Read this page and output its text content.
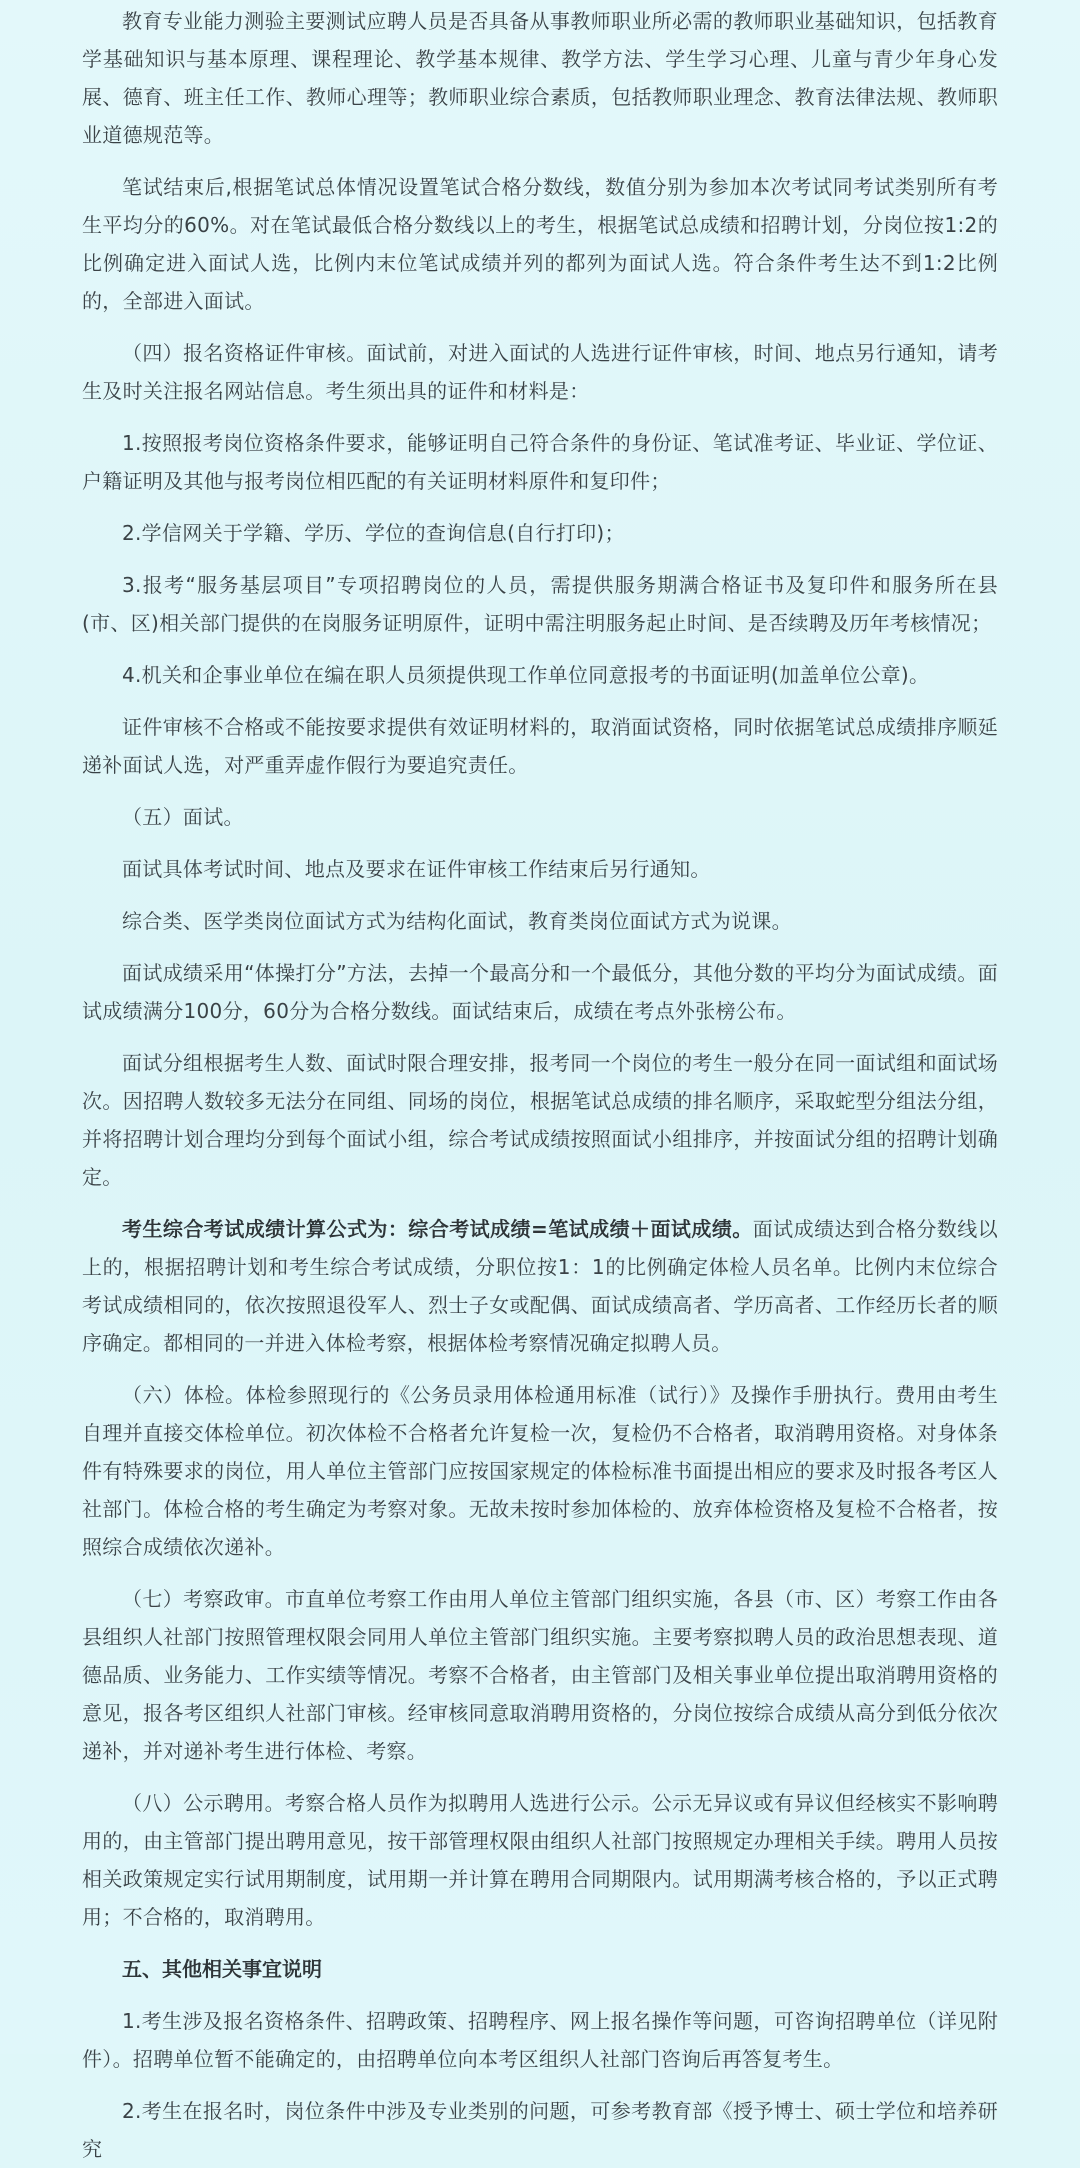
教育专业能力测验主要测试应聘人员是否具备从事教师职业所必需的教师职业基础知识，包括教育学基础知识与基本原理、课程理论、教学基本规律、教学方法、学生学习心理、儿童与青少年身心发展、德育、班主任工作、教师心理等；教师职业综合素质，包括教师职业理念、教育法律法规、教师职业道德规范等。

笔试结束后,根据笔试总体情况设置笔试合格分数线，数值分别为参加本次考试同考试类别所有考生平均分的60%。对在笔试最低合格分数线以上的考生，根据笔试总成绩和招聘计划，分岗位按1:2的比例确定进入面试人选，比例内末位笔试成绩并列的都列为面试人选。符合条件考生达不到1:2比例的，全部进入面试。

（四）报名资格证件审核。面试前，对进入面试的人选进行证件审核，时间、地点另行通知，请考生及时关注报名网站信息。考生须出具的证件和材料是：

1.按照报考岗位资格条件要求，能够证明自己符合条件的身份证、笔试准考证、毕业证、学位证、户籍证明及其他与报考岗位相匹配的有关证明材料原件和复印件；

2.学信网关于学籍、学历、学位的查询信息(自行打印)；

3.报考“服务基层项目”专项招聘岗位的人员，需提供服务期满合格证书及复印件和服务所在县(市、区)相关部门提供的在岗服务证明原件，证明中需注明服务起止时间、是否续聘及历年考核情况；

4.机关和企事业单位在编在职人员须提供现工作单位同意报考的书面证明(加盖单位公章)。

证件审核不合格或不能按要求提供有效证明材料的，取消面试资格，同时依据笔试总成绩排序顺延递补面试人选，对严重弄虚作假行为要追究责任。

（五）面试。

面试具体考试时间、地点及要求在证件审核工作结束后另行通知。

综合类、医学类岗位面试方式为结构化面试，教育类岗位面试方式为说课。

面试成绩采用“体操打分”方法，去掉一个最高分和一个最低分，其他分数的平均分为面试成绩。面试成绩满分100分，60分为合格分数线。面试结束后，成绩在考点外张榜公布。

面试分组根据考生人数、面试时限合理安排，报考同一个岗位的考生一般分在同一面试组和面试场次。因招聘人数较多无法分在同组、同场的岗位，根据笔试总成绩的排名顺序，采取蛇型分组法分组，并将招聘计划合理均分到每个面试小组，综合考试成绩按照面试小组排序，并按面试分组的招聘计划确定。

考生综合考试成绩计算公式为：综合考试成绩=笔试成绩＋面试成绩。面试成绩达到合格分数线以上的，根据招聘计划和考生综合考试成绩，分职位按1：1的比例确定体检人员名单。比例内末位综合考试成绩相同的，依次按照退役军人、烈士子女或配偶、面试成绩高者、学历高者、工作经历长者的顺序确定。都相同的一并进入体检考察，根据体检考察情况确定拟聘人员。

（六）体检。体检参照现行的《公务员录用体检通用标准（试行）》及操作手册执行。费用由考生自理并直接交体检单位。初次体检不合格者允许复检一次，复检仍不合格者，取消聘用资格。对身体条件有特殊要求的岗位，用人单位主管部门应按国家规定的体检标准书面提出相应的要求及时报各考区人社部门。体检合格的考生确定为考察对象。无故未按时参加体检的、放弃体检资格及复检不合格者，按照综合成绩依次递补。

（七）考察政审。市直单位考察工作由用人单位主管部门组织实施，各县（市、区）考察工作由各县组织人社部门按照管理权限会同用人单位主管部门组织实施。主要考察拟聘人员的政治思想表现、道德品质、业务能力、工作实绩等情况。考察不合格者，由主管部门及相关事业单位提出取消聘用资格的意见，报各考区组织人社部门审核。经审核同意取消聘用资格的，分岗位按综合成绩从高分到低分依次递补，并对递补考生进行体检、考察。

（八）公示聘用。考察合格人员作为拟聘用人选进行公示。公示无异议或有异议但经核实不影响聘用的，由主管部门提出聘用意见，按干部管理权限由组织人社部门按照规定办理相关手续。聘用人员按相关政策规定实行试用期制度，试用期一并计算在聘用合同期限内。试用期满考核合格的，予以正式聘用；不合格的，取消聘用。

五、其他相关事宜说明

1.考生涉及报名资格条件、招聘政策、招聘程序、网上报名操作等问题，可咨询招聘单位（详见附件）。招聘单位暂不能确定的，由招聘单位向本考区组织人社部门咨询后再答复考生。

2.考生在报名时，岗位条件中涉及专业类别的问题，可参考教育部《授予博士、硕士学位和培养研究
